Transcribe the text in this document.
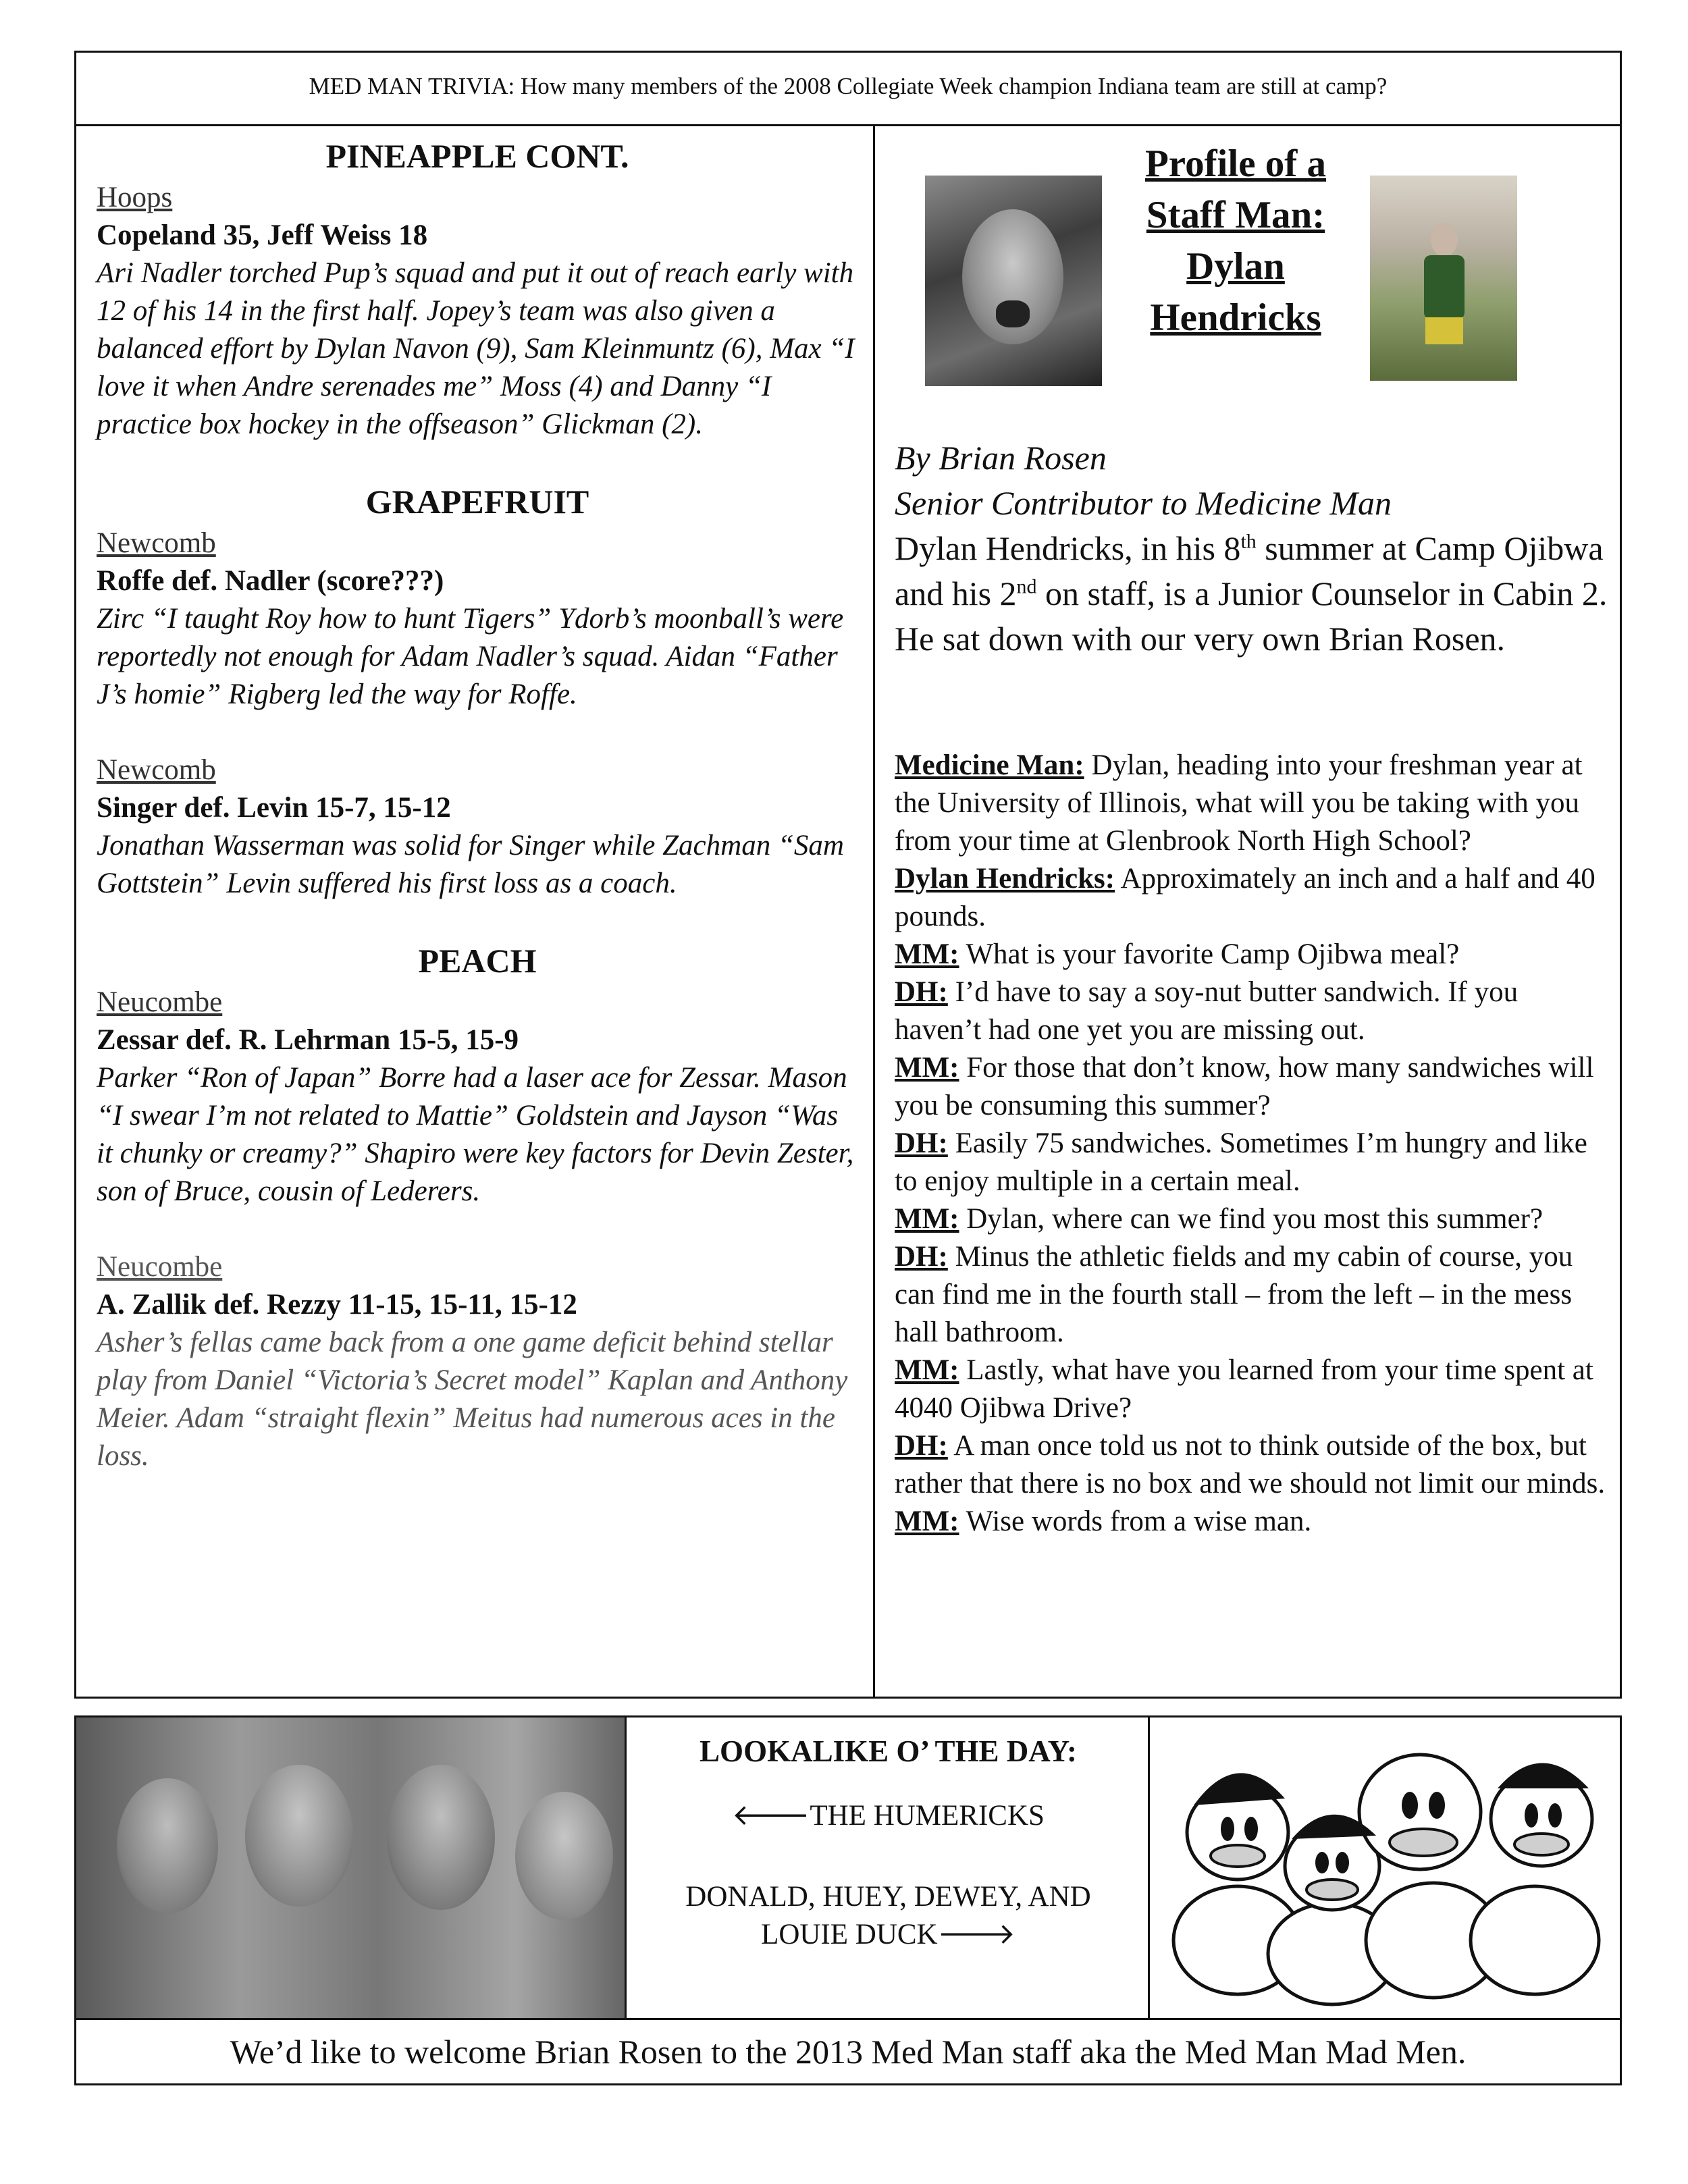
MED MAN TRIVIA: How many members of the 2008 Collegiate Week champion Indiana team are still at camp?
PINEAPPLE CONT.
Hoops
Copeland 35, Jeff Weiss 18
Ari Nadler torched Pup’s squad and put it out of reach early with 12 of his 14 in the first half. Jopey’s team was also given a balanced effort by Dylan Navon (9), Sam Kleinmuntz (6), Max “I love it when Andre serenades me” Moss (4) and Danny “I practice box hockey in the offseason” Glickman (2).
GRAPEFRUIT
Newcomb
Roffe def. Nadler (score???)
Zirc “I taught Roy how to hunt Tigers” Ydorb’s moonball’s were reportedly not enough for Adam Nadler’s squad. Aidan “Father J’s homie” Rigberg led the way for Roffe.
Newcomb
Singer def. Levin 15-7, 15-12
Jonathan Wasserman was solid for Singer while Zachman “Sam Gottstein” Levin suffered his first loss as a coach.
PEACH
Neucombe
Zessar def. R. Lehrman 15-5, 15-9
Parker “Ron of Japan” Borre had a laser ace for Zessar. Mason “I swear I’m not related to Mattie” Goldstein and Jayson “Was it chunky or creamy?” Shapiro were key factors for Devin Zester, son of Bruce, cousin of Lederers.
Neucombe
A. Zallik def. Rezzy 11-15, 15-11, 15-12
Asher’s fellas came back from a one game deficit behind stellar play from Daniel “Victoria’s Secret model” Kaplan and Anthony Meier. Adam “straight flexin” Meitus had numerous aces in the loss.
Profile of a
Staff Man:
Dylan
Hendricks
By Brian Rosen
Senior Contributor to Medicine Man
Dylan Hendricks, in his 8th summer at Camp Ojibwa and his 2nd on staff, is a Junior Counselor in Cabin 2. He sat down with our very own Brian Rosen.
Medicine Man: Dylan, heading into your freshman year at the University of Illinois, what will you be taking with you from your time at Glenbrook North High School?
Dylan Hendricks: Approximately an inch and a half and 40 pounds.
MM: What is your favorite Camp Ojibwa meal?
DH: I’d have to say a soy-nut butter sandwich. If you haven’t had one yet you are missing out.
MM: For those that don’t know, how many sandwiches will you be consuming this summer?
DH: Easily 75 sandwiches. Sometimes I’m hungry and like to enjoy multiple in a certain meal.
MM: Dylan, where can we find you most this summer?
DH: Minus the athletic fields and my cabin of course, you can find me in the fourth stall – from the left – in the mess hall bathroom.
MM: Lastly, what have you learned from your time spent at 4040 Ojibwa Drive?
DH: A man once told us not to think outside of the box, but rather that there is no box and we should not limit our minds.
MM: Wise words from a wise man.
LOOKALIKE O’ THE DAY:
🡐THE HUMERICKS
DONALD, HUEY, DEWEY, AND
LOUIE DUCK🡒
We’d like to welcome Brian Rosen to the 2013 Med Man staff aka the Med Man Mad Men.
